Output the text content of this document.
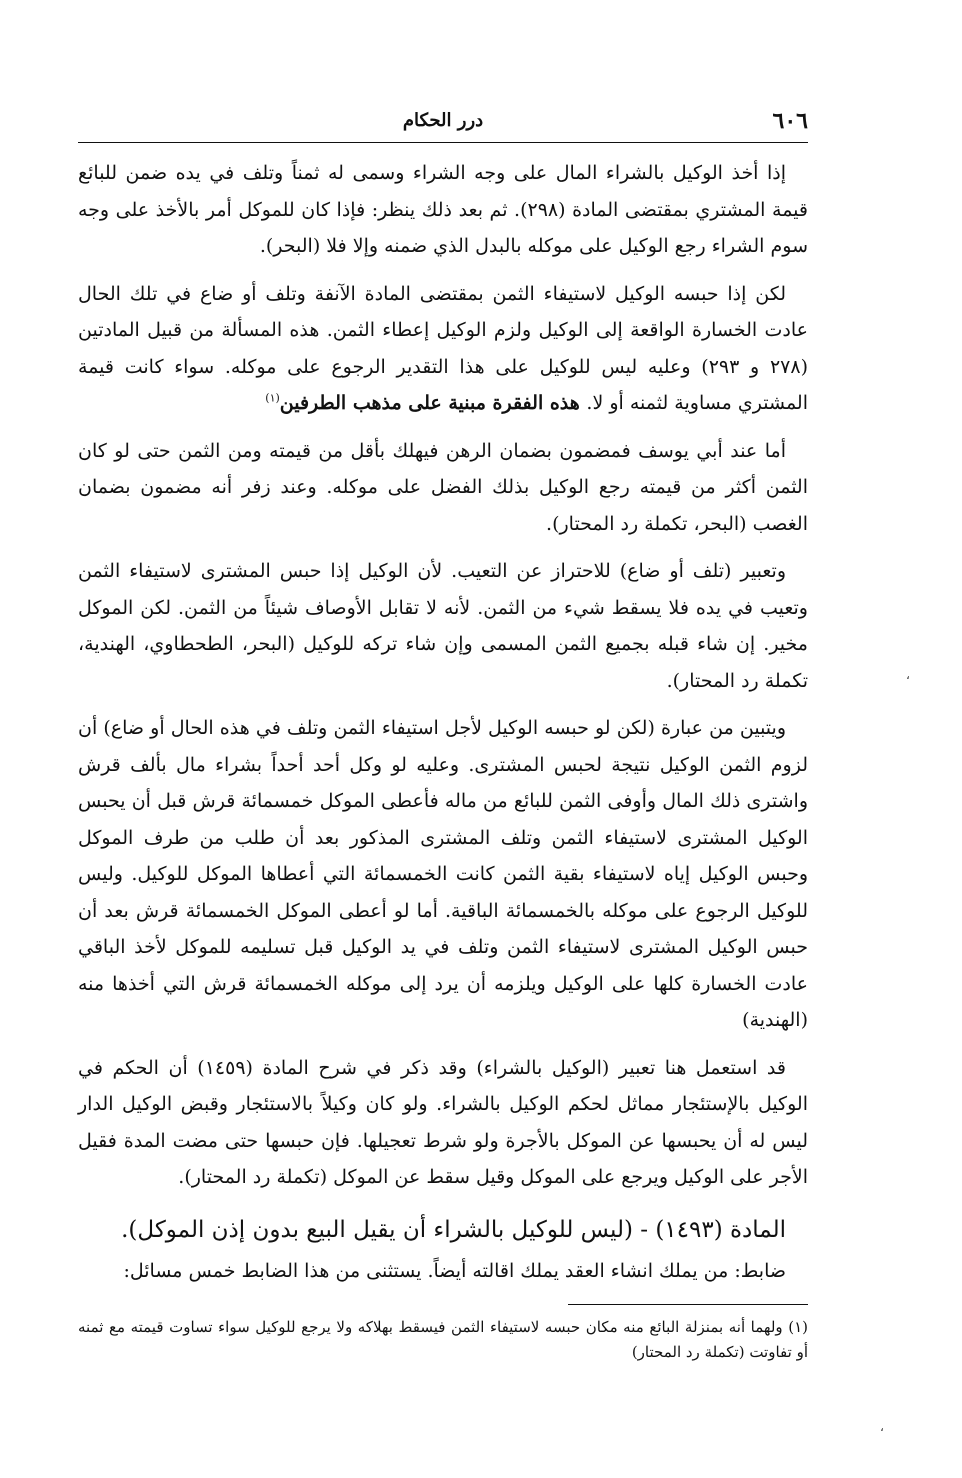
٦٠٦
درر الحكام

إذا أخذ الوكيل بالشراء المال على وجه الشراء وسمى له ثمناً وتلف في يده ضمن للبائع قيمة المشتري بمقتضى المادة (٢٩٨). ثم بعد ذلك ينظر: فإذا كان للموكل أمر بالأخذ على وجه سوم الشراء رجع الوكيل على موكله بالبدل الذي ضمنه وإلا فلا (البحر).

لكن إذا حبسه الوكيل لاستيفاء الثمن بمقتضى المادة الآنفة وتلف أو ضاع في تلك الحال عادت الخسارة الواقعة إلى الوكيل ولزم الوكيل إعطاء الثمن. هذه المسألة من قبيل المادتين (٢٧٨ و ٢٩٣) وعليه ليس للوكيل على هذا التقدير الرجوع على موكله. سواء كانت قيمة المشتري مساوية لثمنه أو لا. هذه الفقرة مبنية على مذهب الطرفين$^{(١)}$

أما عند أبي يوسف فمضمون بضمان الرهن فيهلك بأقل من قيمته ومن الثمن حتى لو كان الثمن أكثر من قيمته رجع الوكيل بذلك الفضل على موكله. وعند زفر أنه مضمون بضمان الغصب (البحر، تكملة رد المحتار).

وتعبير (تلف أو ضاع) للاحتراز عن التعيب. لأن الوكيل إذا حبس المشترى لاستيفاء الثمن وتعيب في يده فلا يسقط شيء من الثمن. لأنه لا تقابل الأوصاف شيئاً من الثمن. لكن الموكل مخير. إن شاء قبله بجميع الثمن المسمى وإن شاء تركه للوكيل (البحر، الطحطاوي، الهندية، تكملة رد المحتار).

ويتبين من عبارة (لكن لو حبسه الوكيل لأجل استيفاء الثمن وتلف في هذه الحال أو ضاع) أن لزوم الثمن الوكيل نتيجة لحبس المشترى. وعليه لو وكل أحد أحداً بشراء مال بألف قرش واشترى ذلك المال وأوفى الثمن للبائع من ماله فأعطى الموكل خمسمائة قرش قبل أن يحبس الوكيل المشترى لاستيفاء الثمن وتلف المشترى المذكور بعد أن طلب من طرف الموكل وحبس الوكيل إياه لاستيفاء بقية الثمن كانت الخمسمائة التي أعطاها الموكل للوكيل. وليس للوكيل الرجوع على موكله بالخمسمائة الباقية. أما لو أعطى الموكل الخمسمائة قرش بعد أن حبس الوكيل المشترى لاستيفاء الثمن وتلف في يد الوكيل قبل تسليمه للموكل لأخذ الباقي عادت الخسارة كلها على الوكيل ويلزمه أن يرد إلى موكله الخمسمائة قرش التي أخذها منه (الهندية)

قد استعمل هنا تعبير (الوكيل بالشراء) وقد ذكر في شرح المادة (١٤٥٩) أن الحكم في الوكيل بالإستئجار مماثل لحكم الوكيل بالشراء. ولو كان وكيلاً بالاستئجار وقبض الوكيل الدار ليس له أن يحبسها عن الموكل بالأجرة ولو شرط تعجيلها. فإن حبسها حتى مضت المدة فقيل الأجر على الوكيل ويرجع على الموكل وقيل سقط عن الموكل (تكملة رد المحتار).

المادة (١٤٩٣) - (ليس للوكيل بالشراء أن يقيل البيع بدون إذن الموكل).

ضابط: من يملك انشاء العقد يملك اقالته أيضاً. يستثنى من هذا الضابط خمس مسائل:

(١) ولهما أنه بمنزلة البائع منه مكان حبسه لاستيفاء الثمن فيسقط بهلاكه ولا يرجع للوكيل سواء تساوت قيمته مع ثمنه أو تفاوتت (تكملة رد المحتار)

،
،
